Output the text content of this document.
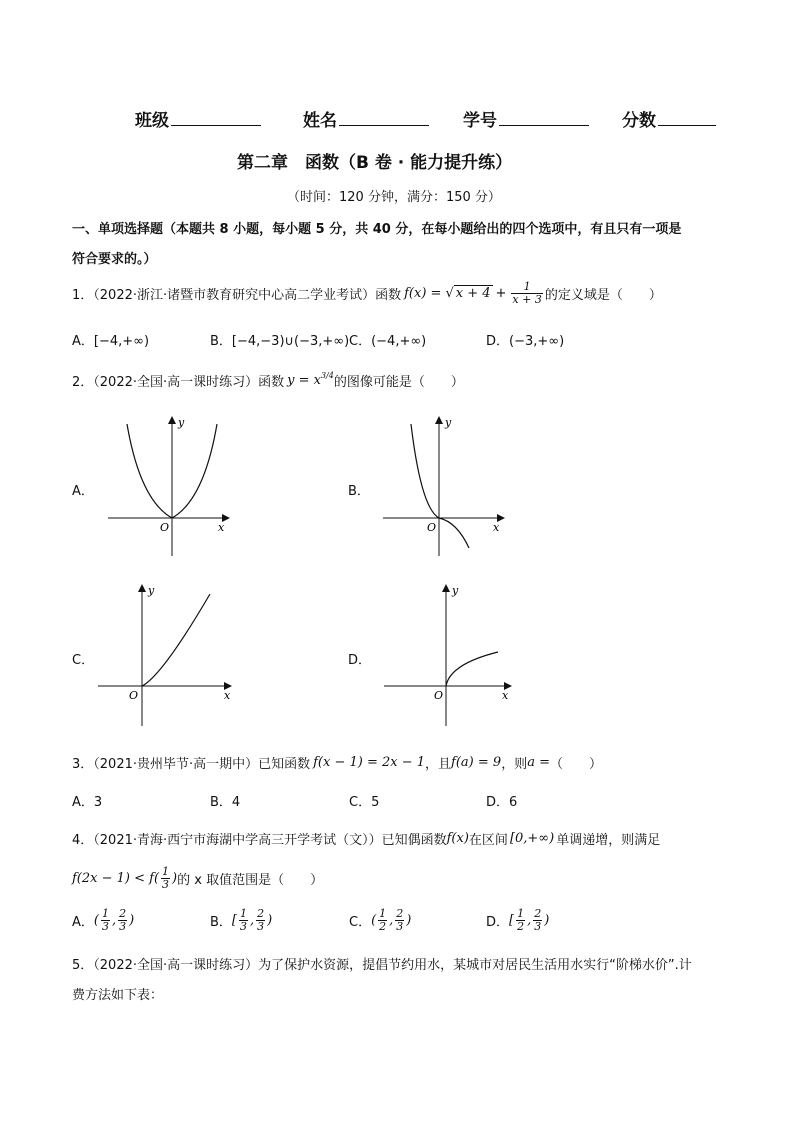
班级	姓名	学号	分数
第二章　函数（B 卷 · 能力提升练）
（时间：120 分钟，满分：150 分）
一、单项选择题（本题共 8 小题，每小题 5 分，共 40 分，在每小题给出的四个选项中，有且只有一项是
符合要求的。）
1．（2022·浙江·诸暨市教育研究中心高二学业考试）函数 f(x) = √ $x + 4 + \frac{1}{x + 3}$ 的定义域是（　　）
A．[−4,+∞)	B．[−4,−3)∪(−3,+∞) C．(−4,+∞)	D．(−3,+∞)
2．（2022·全国·高一课时练习）函数 $y = x^{3/4}$ 的图像可能是（　　）
A．	B．
C．	D．
y
x
O
y
x
O
y
x
O
y
x
O
3．（2021·贵州毕节·高一期中）已知函数 f(x − 1) = 2x − 1 ，且 f(a) = 9 ，则 a = （　　）
A．3	B．4	C．5	D．6
4．（2021·青海·西宁市海湖中学高三开学考试（文））已知偶函数 f(x) 在区间 [0,+∞) 单调递增，则满足
$f(2x - 1) < f( \frac{1}{3}$ ) 的 x 取值范围是（　　）
A． ( $\frac{1}{3}$ , $\frac{2}{3}$ )	B． [ $\frac{1}{3}$ , $\frac{2}{3}$ )	C． ( $\frac{1}{2}$ , $\frac{2}{3}$ )	D． [ $\frac{1}{2}$ , $\frac{2}{3}$ )
5．（2022·全国·高一课时练习）为了保护水资源，提倡节约用水，某城市对居民生活用水实行“阶梯水价”.计
费方法如下表：
